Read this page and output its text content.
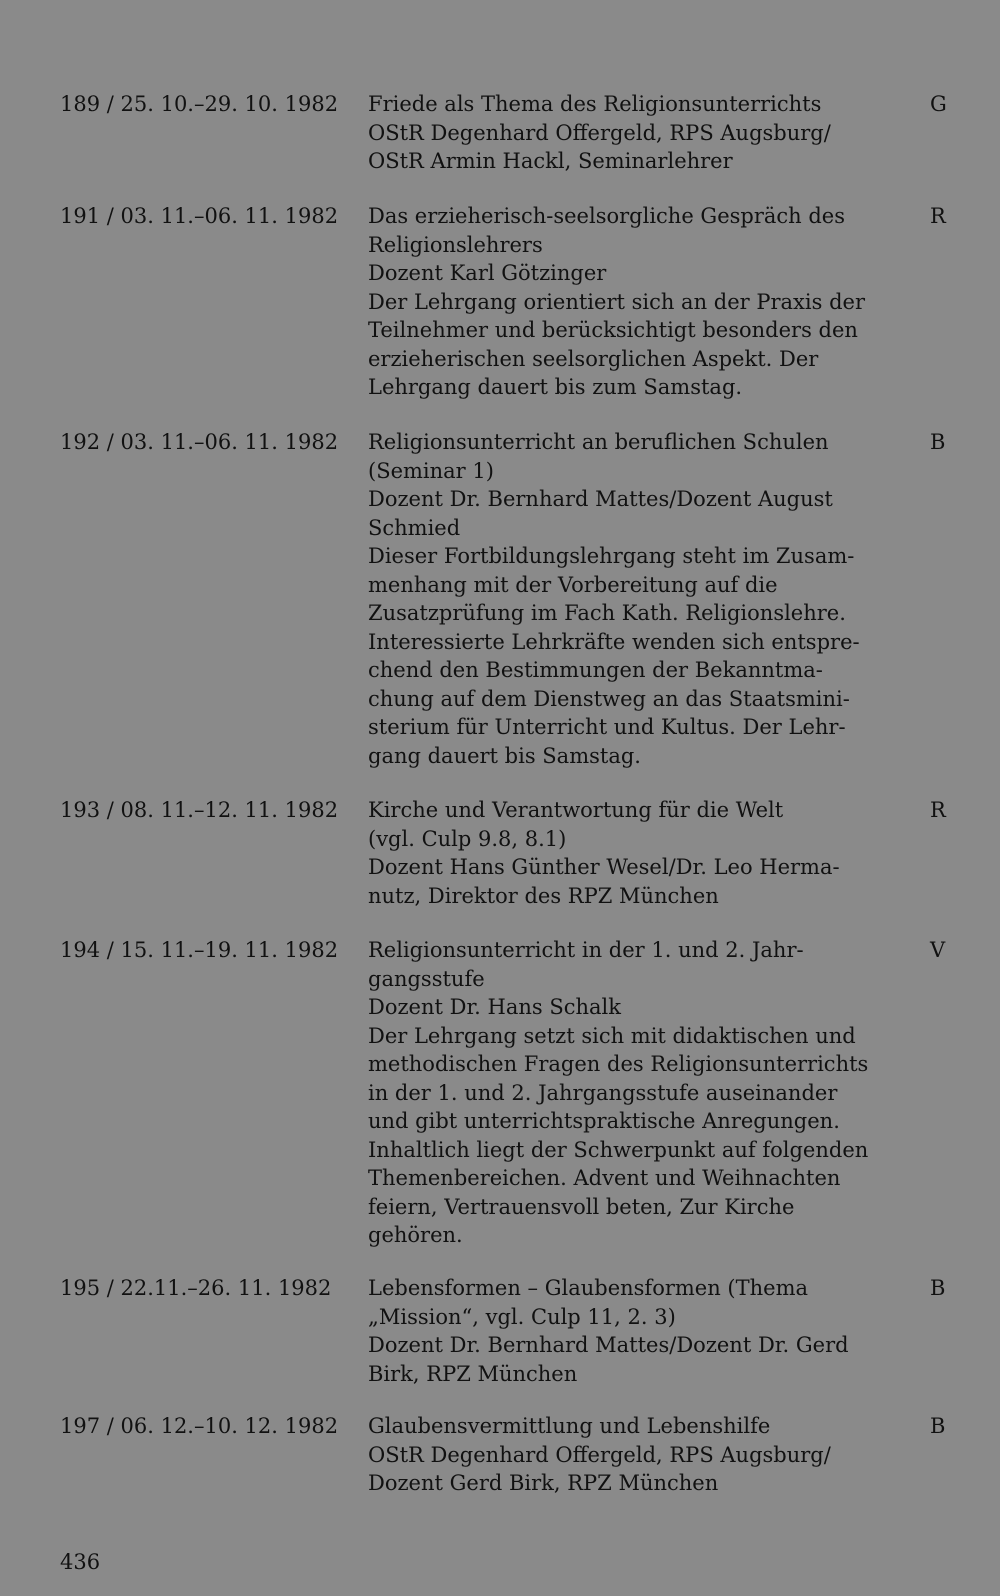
189 / 25. 10.–29. 10. 1982	Friede als Thema des Religionsunterrichts
OStR Degenhard Offergeld, RPS Augsburg/
OStR Armin Hackl, Seminarlehrer
G
191 / 03. 11.–06. 11. 1982	Das erzieherisch-seelsorgliche Gespräch des
Religionslehrers
Dozent Karl Götzinger
Der Lehrgang orientiert sich an der Praxis der
Teilnehmer und berücksichtigt besonders den
erzieherischen seelsorglichen Aspekt. Der
Lehrgang dauert bis zum Samstag.
R
192 / 03. 11.–06. 11. 1982	Religionsunterricht an beruflichen Schulen
(Seminar 1)
Dozent Dr. Bernhard Mattes/Dozent August
Schmied
Dieser Fortbildungslehrgang steht im Zusam-
menhang mit der Vorbereitung auf die
Zusatzprüfung im Fach Kath. Religionslehre.
Interessierte Lehrkräfte wenden sich entspre-
chend den Bestimmungen der Bekanntma-
chung auf dem Dienstweg an das Staatsmini-
sterium für Unterricht und Kultus. Der Lehr-
gang dauert bis Samstag.
B
193 / 08. 11.–12. 11. 1982	Kirche und Verantwortung für die Welt
(vgl. Culp 9.8, 8.1)
Dozent Hans Günther Wesel/Dr. Leo Herma-
nutz, Direktor des RPZ München
R
194 / 15. 11.–19. 11. 1982	Religionsunterricht in der 1. und 2. Jahr-
gangsstufe
Dozent Dr. Hans Schalk
Der Lehrgang setzt sich mit didaktischen und
methodischen Fragen des Religionsunterrichts
in der 1. und 2. Jahrgangsstufe auseinander
und gibt unterrichtspraktische Anregungen.
Inhaltlich liegt der Schwerpunkt auf folgenden
Themenbereichen. Advent und Weihnachten
feiern, Vertrauensvoll beten, Zur Kirche
gehören.
V
195 / 22.11.–26. 11. 1982	Lebensformen – Glaubensformen (Thema
„Mission“, vgl. Culp 11, 2. 3)
Dozent Dr. Bernhard Mattes/Dozent Dr. Gerd
Birk, RPZ München
B
197 / 06. 12.–10. 12. 1982	Glaubensvermittlung und Lebenshilfe
OStR Degenhard Offergeld, RPS Augsburg/
Dozent Gerd Birk, RPZ München
B
436
